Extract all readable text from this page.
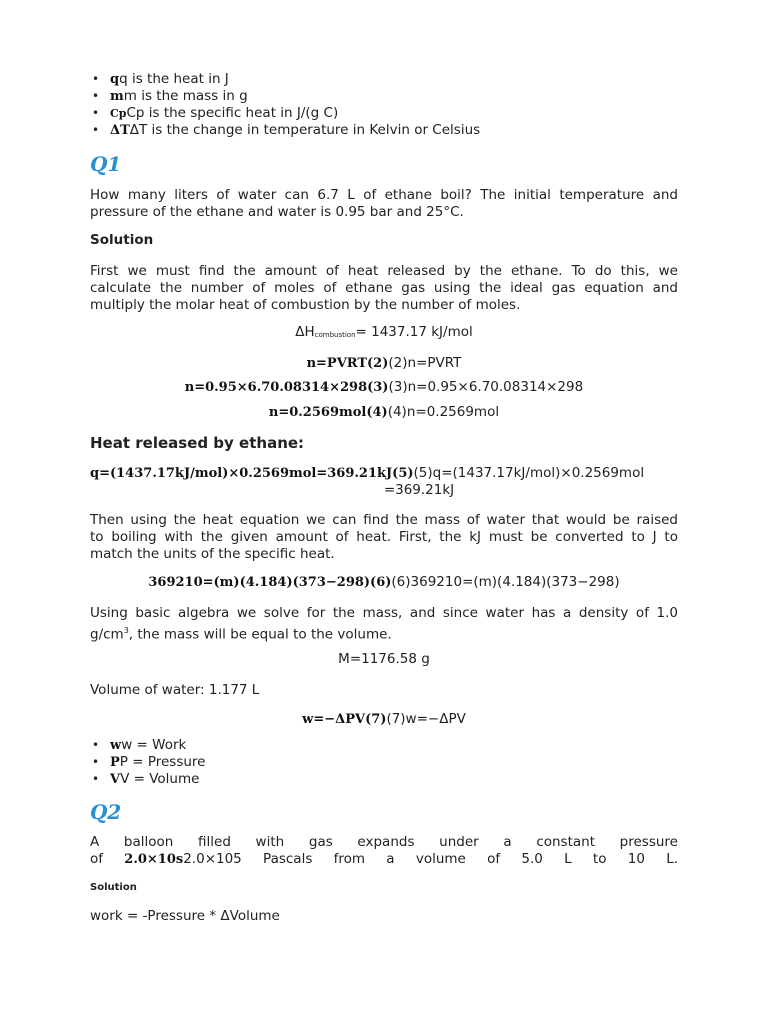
• qq is the heat in J
• mm is the mass in g
• CpCp is the specific heat in J/(g C)
• ΔTΔT is the change in temperature in Kelvin or Celsius
Q1
How many liters of water can 6.7 L of ethane boil? The initial temperature and
pressure of the ethane and water is 0.95 bar and 25°C.
Solution
First we must find the amount of heat released by the ethane. To do this, we
calculate the number of moles of ethane gas using the ideal gas equation and
multiply the molar heat of combustion by the number of moles.
$\Delta H_{combustion}= 1437.17$ kJ/mol
n=PVRT(2)(2)n=PVRT
n=0.95×6.70.08314×298(3)(3)n=0.95×6.70.08314×298
n=0.2569mol(4)(4)n=0.2569mol
Heat released by ethane:
q=(1437.17kJ/mol)×0.2569mol=369.21kJ(5)(5)q=(1437.17kJ/mol)×0.2569mol
=369.21kJ
Then using the heat equation we can find the mass of water that would be raised
to boiling with the given amount of heat. First, the kJ must be converted to J to
match the units of the specific heat.
369210=(m)(4.184)(373−298)(6)(6)369210=(m)(4.184)(373−298)
Using basic algebra we solve for the mass, and since water has a density of 1.0
$g/cm^3$, the mass will be equal to the volume.
M=1176.58 g
Volume of water: 1.177 L
w=−ΔPV(7)(7)w=−ΔPV
• ww = Work
• PP = Pressure
• VV = Volume
Q2
A balloon filled with gas expands under a constant pressure
of 2.0×10s2.0×105 Pascals from a volume of 5.0 L to 10 L.
Solution
work = -Pressure * ΔVolume
